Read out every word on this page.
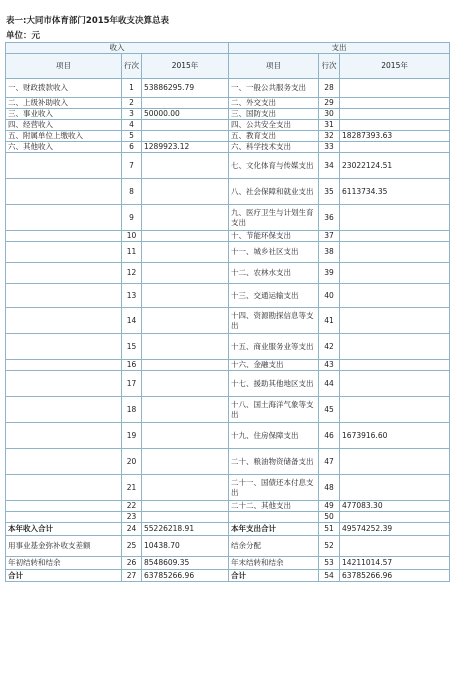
表一:大同市体育部门2015年收支决算总表
单位：元
收入			支出		
项目	行次	2015年	项目	行次	2015年
一、财政拨款收入	1	53886295.79	一、一般公共服务支出	28	
二、上级补助收入	2		二、外交支出	29	
三、事业收入	3	50000.00	三、国防支出	30	
四、经营收入	4		四、公共安全支出	31	
五、附属单位上缴收入	5		五、教育支出	32	18287393.63
六、其他收入	6	1289923.12	六、科学技术支出	33	
	7		七、文化体育与传媒支出	34	23022124.51
	8		八、社会保障和就业支出	35	6113734.35
	9		九、医疗卫生与计划生育支出	36	
	10		十、节能环保支出	37	
	11		十一、城乡社区支出	38	
	12		十二、农林水支出	39	
	13		十三、交通运输支出	40	
	14		十四、资源勘探信息等支出	41	
	15		十五、商业服务业等支出	42	
	16		十六、金融支出	43	
	17		十七、援助其他地区支出	44	
	18		十八、国土海洋气象等支出	45	
	19		十九、住房保障支出	46	1673916.60
	20		二十、粮油物资储备支出	47	
	21		二十一、国债还本付息支出	48	
	22		二十二、其他支出	49	477083.30
	23			50	
本年收入合计	24	55226218.91	本年支出合计	51	49574252.39
用事业基金弥补收支差额	25	10438.70	结余分配	52	
年初结转和结余	26	8548609.35	年末结转和结余	53	14211014.57
合计	27	63785266.96	合计	54	63785266.96
